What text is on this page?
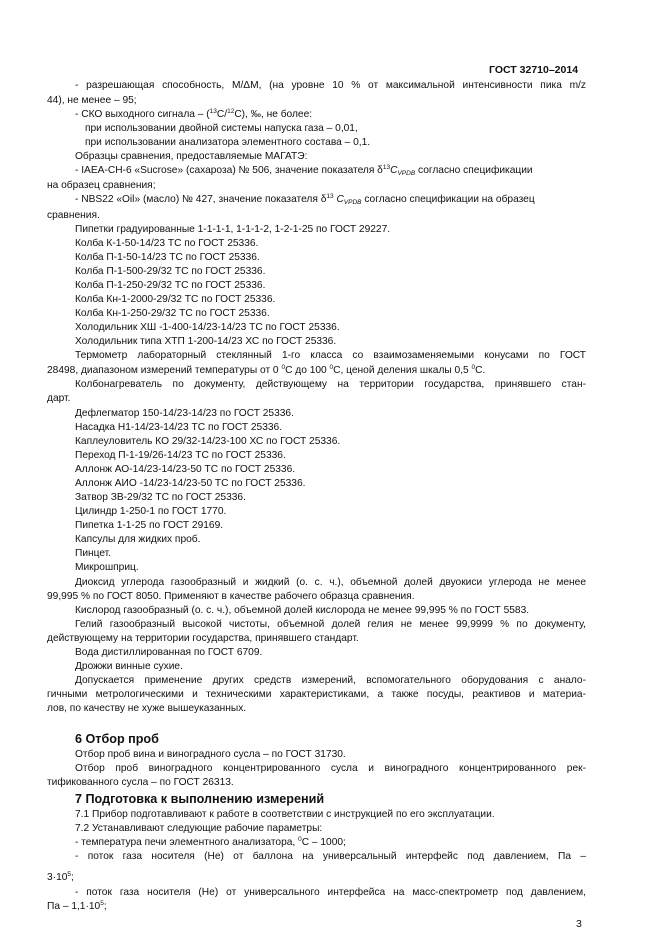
ГОСТ 32710–2014
- разрешающая способность, M/ΔM, (на уровне 10 % от максимальной интенсивности пика m/z
44), не менее – 95;
- СКО выходного сигнала – ($^{13}$С/$^{12}$С), ‰, не более:
при использовании двойной системы напуска газа – 0,01,
при использовании анализатора элементного состава – 0,1.
Образцы сравнения, предоставляемые МАГАТЭ:
- IAEA-CH-6 «Sucrose» (сахароза) № 506, значение показателя $\delta^{13}C_{VPDB}$ согласно спецификации
на образец сравнения;
- NBS22 «Oil» (масло) № 427, значение показателя $\delta^{13}$ $C_{VPDB}$ согласно спецификации на образец
сравнения.
Пипетки градуированные 1-1-1-1, 1-1-1-2, 1-2-1-25 по ГОСТ 29227.
Колба К-1-50-14/23 ТС по ГОСТ 25336.
Колба П-1-50-14/23 ТС по ГОСТ 25336.
Колба П-1-500-29/32 ТС по ГОСТ 25336.
Колба П-1-250-29/32 ТС по ГОСТ 25336.
Колба Кн-1-2000-29/32 ТС по ГОСТ 25336.
Колба Кн-1-250-29/32 ТС по ГОСТ 25336.
Холодильник ХШ -1-400-14/23-14/23 ТС по ГОСТ 25336.
Холодильник типа ХТП 1-200-14/23 ХС по ГОСТ 25336.
Термометр лабораторный стеклянный 1-го класса со взаимозаменяемыми конусами по ГОСТ
28498, диапазоном измерений температуры от 0 $^0$C до 100 $^0$C, ценой деления шкалы 0,5 $^0$C.
Колбонагреватель по документу, действующему на территории государства, принявшего стан-
дарт.
Дефлегматор 150-14/23-14/23 по ГОСТ 25336.
Насадка Н1-14/23-14/23 ТС по ГОСТ 25336.
Каплеуловитель КО 29/32-14/23-100 ХС по ГОСТ 25336.
Переход П-1-19/26-14/23 ТС по ГОСТ 25336.
Аллонж АО-14/23-14/23-50 ТС по ГОСТ 25336.
Аллонж АИО -14/23-14/23-50 ТС по ГОСТ 25336.
Затвор ЗВ-29/32 ТС по ГОСТ 25336.
Цилиндр 1-250-1 по ГОСТ 1770.
Пипетка 1-1-25 по ГОСТ 29169.
Капсулы для жидких проб.
Пинцет.
Микрошприц.
Диоксид углерода газообразный и жидкий (о. с. ч.), объемной долей двуокиси углерода не менее
99,995 % по ГОСТ 8050. Применяют в качестве рабочего образца сравнения.
Кислород газообразный (о. с. ч.), объемной долей кислорода не менее 99,995 % по ГОСТ 5583.
Гелий газообразный высокой чистоты, объемной долей гелия не менее 99,9999 % по документу,
действующему на территории государства, принявшего стандарт.
Вода дистиллированная по ГОСТ 6709.
Дрожжи винные сухие.
Допускается применение других средств измерений, вспомогательного оборудования с анало-
гичными метрологическими и техническими характеристиками, а также посуды, реактивов и материа-
лов, по качеству не хуже вышеуказанных.
6 Отбор проб
Отбор проб вина и виноградного сусла – по ГОСТ 31730.
Отбор проб виноградного концентрированного сусла и виноградного концентрированного рек-
тификованного сусла – по ГОСТ 26313.
7 Подготовка к выполнению измерений
7.1 Прибор подготавливают к работе в соответствии с инструкцией по его эксплуатации.
7.2 Устанавливают следующие рабочие параметры:
- температура печи элементного анализатора, $^0$С – 1000;
- поток газа носителя (Не) от баллона на универсальный интерфейс под давлением, Па –
$3\cdot 10^5$;
- поток газа носителя (Не) от универсального интерфейса на масс-спектрометр под давлением,
Па – $1,1\cdot 10^5$;
3
